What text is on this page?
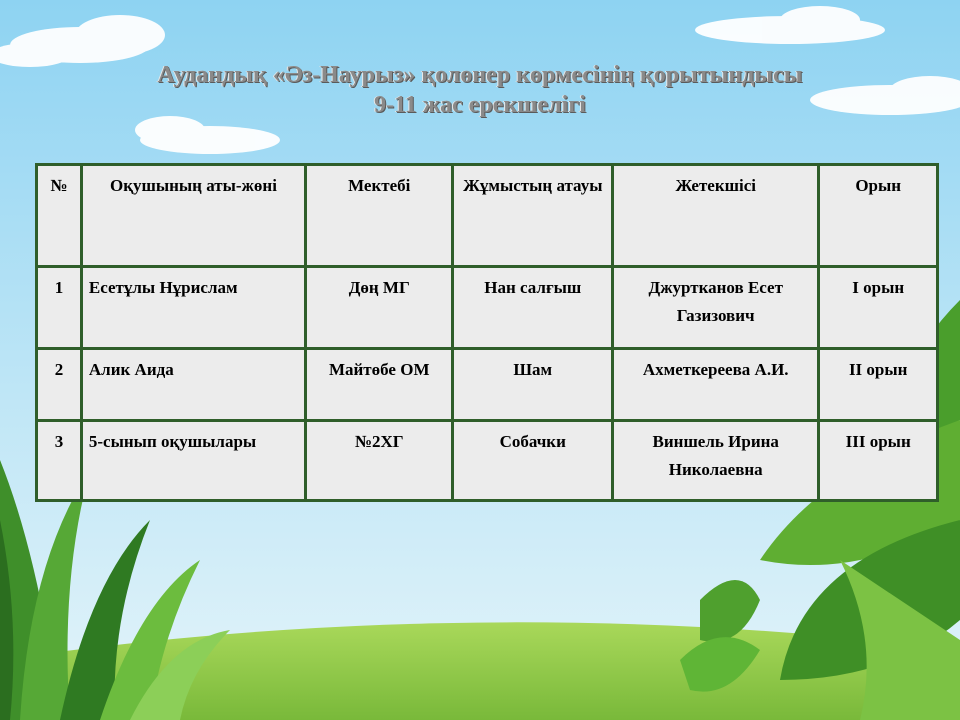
Аудандық «Әз-Наурыз» қолөнер көрмесінің қорытындысы
9-11 жас ерекшелігі
№	Оқушының аты-жөні	Мектебі	Жұмыстың атауы	Жетекшісі	Орын
1	Есетұлы Нұрислам	Дөң МГ	Нан салғыш	Джуртканов Есет Газизович	І орын
2	Алик Аида	Майтөбе ОМ	Шам	Ахметкереева А.И.	ІІ орын
3	5-сынып оқушылары	№2ХГ	Собачки	Виншель Ирина Николаевна	ІІІ орын
